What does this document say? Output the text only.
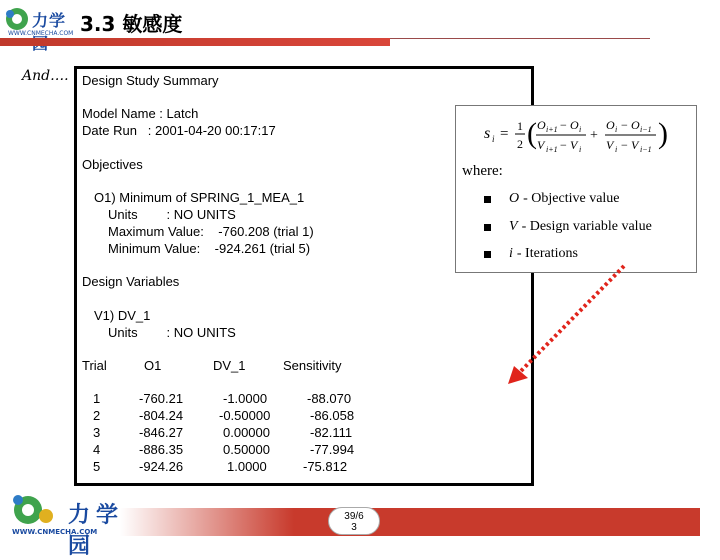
力学
WWW.CNMECHA.COM 3.3 敏感度
And…. Design Study Summary
Model Name : Latch
Date Run   : 2001-04-20 00:17:17
Objectives
O1) Minimum of SPRING_1_MEA_1
Units        : NO UNITS
Maximum Value:    -760.208 (trial 1)
Minimum Value:    -924.261 (trial 5)
Design Variables
V1) DV_1
Units        : NO UNITS
Trial	O1	DV_1	Sensitivity
1	-760.21	-1.0000	-88.070
2	-804.24	-0.50000	-86.058
3	-846.27	0.00000	-82.111
4	-886.35	0.50000	-77.994
5	-924.26	1.0000	-75.812
s i = 1
2 ( O i+1 − O i
V i+1 − V i
+
O i − O i−1
V i − V i−1 )
where:
O - Objective value
V - Design variable value
i - Iterations
力学园
WWW.CNMECHA.COM
39/6
3
